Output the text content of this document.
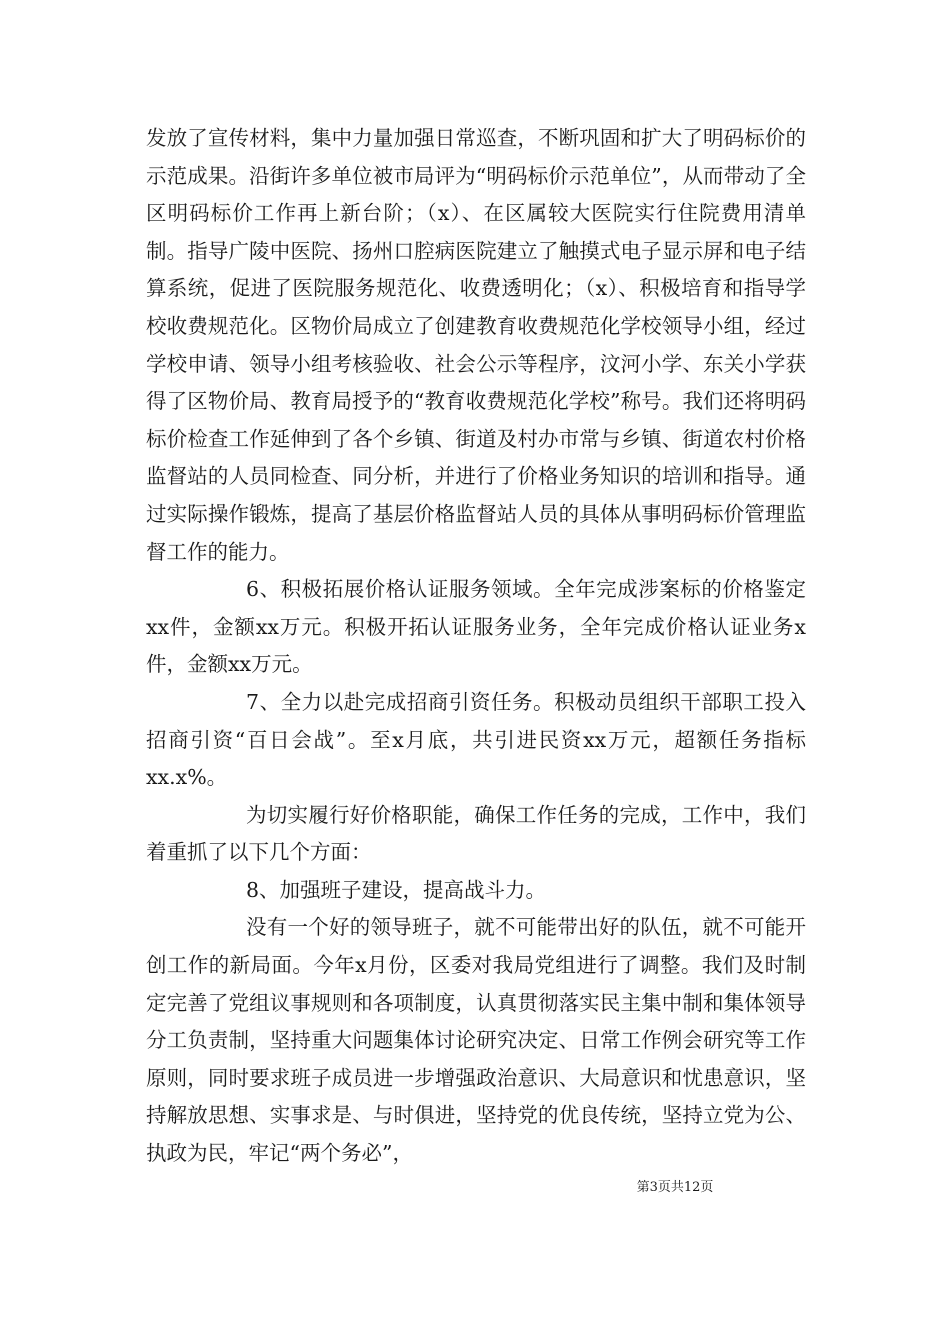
发放了宣传材料，集中力量加强日常巡查，不断巩固和扩大了明码标价的示范成果。沿街许多单位被市局评为“明码标价示范单位”，从而带动了全区明码标价工作再上新台阶；（x）、在区属较大医院实行住院费用清单制。指导广陵中医院、扬州口腔病医院建立了触摸式电子显示屏和电子结算系统，促进了医院服务规范化、收费透明化；（x）、积极培育和指导学校收费规范化。区物价局成立了创建教育收费规范化学校领导小组，经过学校申请、领导小组考核验收、社会公示等程序，汶河小学、东关小学获得了区物价局、教育局授予的“教育收费规范化学校”称号。我们还将明码标价检查工作延伸到了各个乡镇、街道及村办市常与乡镇、街道农村价格监督站的人员同检查、同分析，并进行了价格业务知识的培训和指导。通过实际操作锻炼，提高了基层价格监督站人员的具体从事明码标价管理监督工作的能力。

6、积极拓展价格认证服务领域。全年完成涉案标的价格鉴定xx件，金额xx万元。积极开拓认证服务业务，全年完成价格认证业务x件，金额xx万元。

7、全力以赴完成招商引资任务。积极动员组织干部职工投入招商引资“百日会战”。至x月底，共引进民资xx万元，超额任务指标xx.x%。

为切实履行好价格职能，确保工作任务的完成，工作中，我们着重抓了以下几个方面：

8、加强班子建设，提高战斗力。

没有一个好的领导班子，就不可能带出好的队伍，就不可能开创工作的新局面。今年x月份，区委对我局党组进行了调整。我们及时制定完善了党组议事规则和各项制度，认真贯彻落实民主集中制和集体领导分工负责制，坚持重大问题集体讨论研究决定、日常工作例会研究等工作原则，同时要求班子成员进一步增强政治意识、大局意识和忧患意识，坚持解放思想、实事求是、与时俱进，坚持党的优良传统，坚持立党为公、执政为民，牢记“两个务必”，

第3页共12页
